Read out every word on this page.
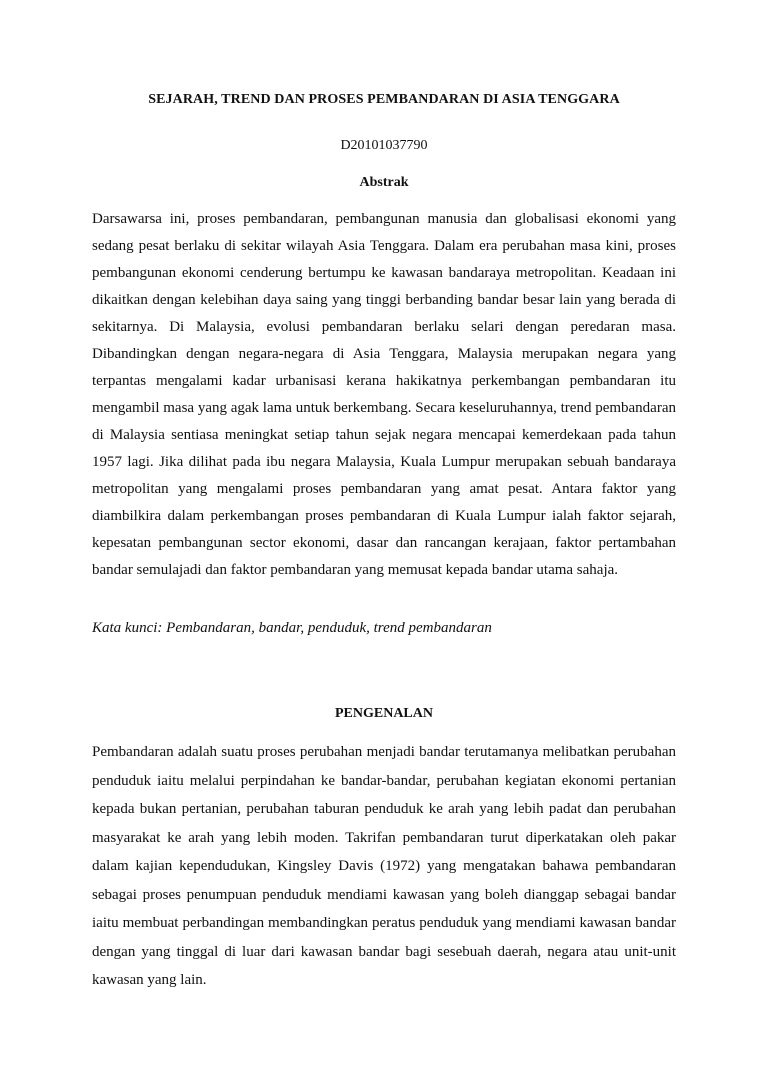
SEJARAH, TREND DAN PROSES PEMBANDARAN DI ASIA TENGGARA
D20101037790
Abstrak

Darsawarsa ini, proses pembandaran, pembangunan manusia dan globalisasi ekonomi yang sedang pesat berlaku di sekitar wilayah Asia Tenggara. Dalam era perubahan masa kini, proses pembangunan ekonomi cenderung bertumpu ke kawasan bandaraya metropolitan. Keadaan ini dikaitkan dengan kelebihan daya saing yang tinggi berbanding bandar besar lain yang berada di sekitarnya. Di Malaysia, evolusi pembandaran berlaku selari dengan peredaran masa. Dibandingkan dengan negara-negara di Asia Tenggara, Malaysia merupakan negara yang terpantas mengalami kadar urbanisasi kerana hakikatnya perkembangan pembandaran itu mengambil masa yang agak lama untuk berkembang. Secara keseluruhannya, trend pembandaran di Malaysia sentiasa meningkat setiap tahun sejak negara mencapai kemerdekaan pada tahun 1957 lagi. Jika dilihat pada ibu negara Malaysia, Kuala Lumpur merupakan sebuah bandaraya metropolitan yang mengalami proses pembandaran yang amat pesat. Antara faktor yang diambilkira dalam perkembangan proses pembandaran di Kuala Lumpur ialah faktor sejarah, kepesatan pembangunan sector ekonomi, dasar dan rancangan kerajaan, faktor pertambahan bandar semulajadi dan faktor pembandaran yang memusat kepada bandar utama sahaja.

Kata kunci: Pembandaran, bandar, penduduk, trend pembandaran

PENGENALAN

Pembandaran adalah suatu proses perubahan menjadi bandar terutamanya melibatkan perubahan penduduk iaitu melalui perpindahan ke bandar-bandar, perubahan kegiatan ekonomi pertanian kepada bukan pertanian, perubahan taburan penduduk ke arah yang lebih padat dan perubahan masyarakat ke arah yang lebih moden. Takrifan pembandaran turut diperkatakan oleh pakar dalam kajian kependudukan, Kingsley Davis (1972) yang mengatakan bahawa pembandaran sebagai proses penumpuan penduduk mendiami kawasan yang boleh dianggap sebagai bandar iaitu membuat perbandingan membandingkan peratus penduduk yang mendiami kawasan bandar dengan yang tinggal di luar dari kawasan bandar bagi sesebuah daerah, negara atau unit-unit kawasan yang lain.
